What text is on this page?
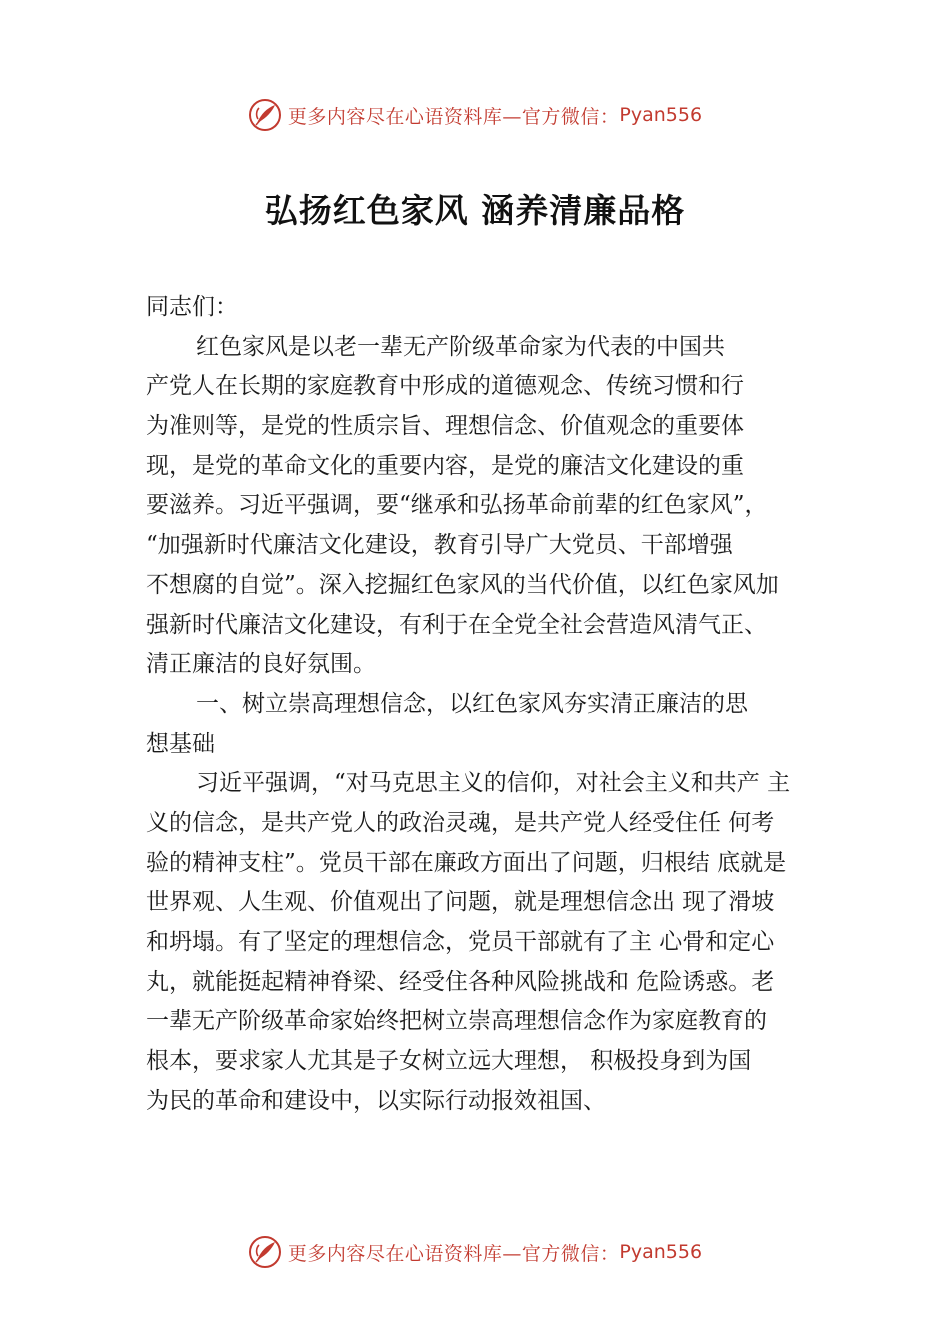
更多内容尽在心语资料库—官方微信： Pyan556
弘扬红色家风 涵养清廉品格
同志们：
红色家风是以老一辈无产阶级革命家为代表的中国共
产党人在长期的家庭教育中形成的道德观念、传统习惯和行
为准则等，是党的性质宗旨、理想信念、价值观念的重要体
现，是党的革命文化的重要内容，是党的廉洁文化建设的重
要滋养。习近平强调，要“继承和弘扬革命前辈的红色家风”，
“加强新时代廉洁文化建设，教育引导广大党员、干部增强
不想腐的自觉”。深入挖掘红色家风的当代价值，以红色家风加
强新时代廉洁文化建设，有利于在全党全社会营造风清气正、
清正廉洁的良好氛围。
一、树立崇高理想信念，以红色家风夯实清正廉洁的思
想基础
习近平强调，“对马克思主义的信仰，对社会主义和共产 主
义的信念，是共产党人的政治灵魂，是共产党人经受住任 何考
验的精神支柱”。党员干部在廉政方面出了问题，归根结 底就是
世界观、人生观、价值观出了问题，就是理想信念出 现了滑坡
和坍塌。有了坚定的理想信念，党员干部就有了主 心骨和定心
丸，就能挺起精神脊梁、经受住各种风险挑战和 危险诱惑。老
一辈无产阶级革命家始终把树立崇高理想信念作为家庭教育的
根本，要求家人尤其是子女树立远大理想， 积极投身到为国
为民的革命和建设中，以实际行动报效祖国、
更多内容尽在心语资料库—官方微信： Pyan556
